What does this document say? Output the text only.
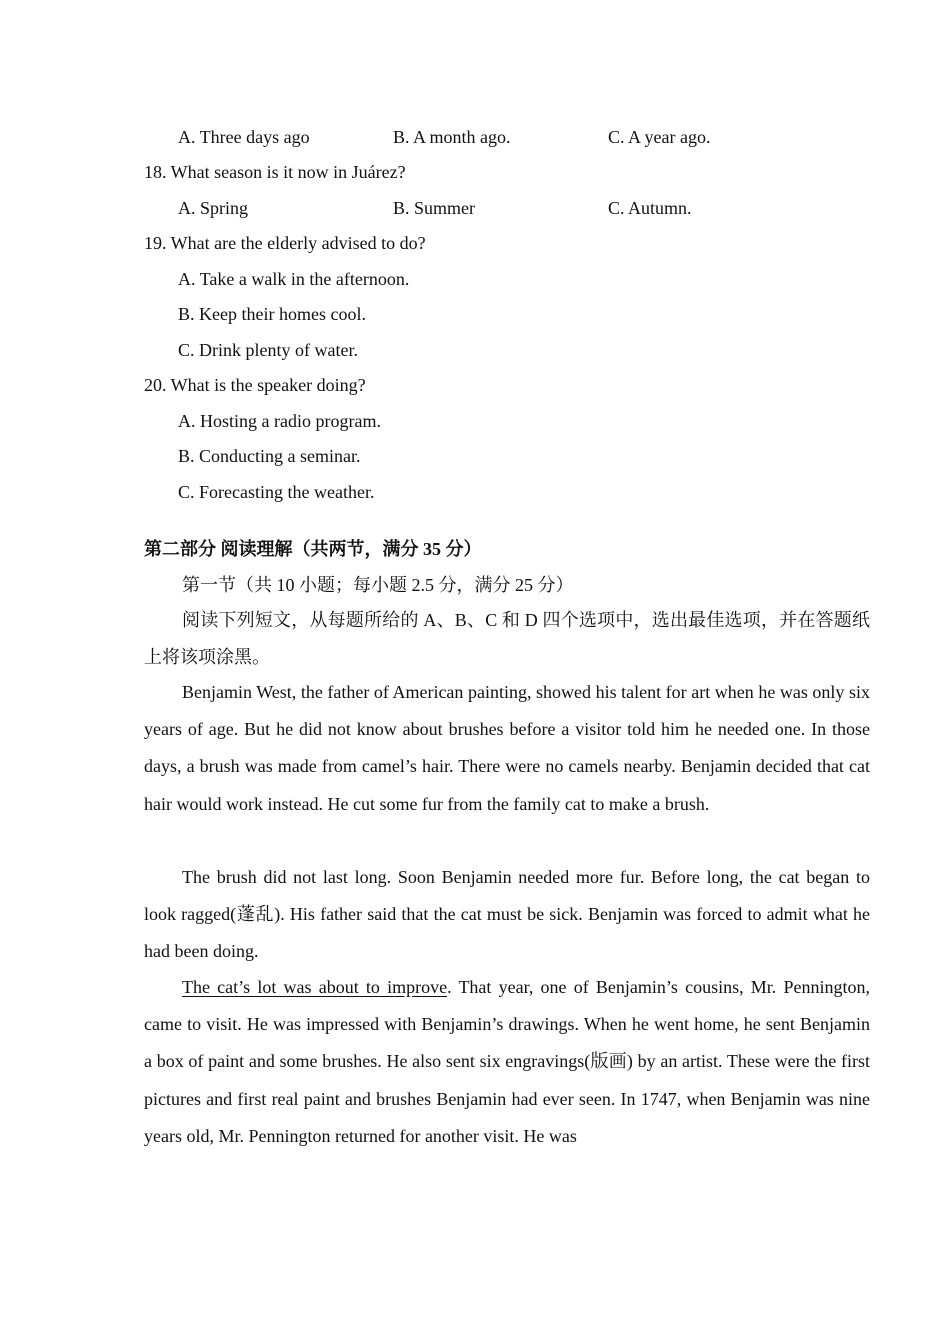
A. Three days ago	B. A month ago.	C. A year ago.
18. What season is it now in Juárez?
A. Spring	B. Summer	C. Autumn.
19. What are the elderly advised to do?
A. Take a walk in the afternoon.
B. Keep their homes cool.
C. Drink plenty of water.
20. What is the speaker doing?
A. Hosting a radio program.
B. Conducting a seminar.
C. Forecasting the weather.
第二部分 阅读理解（共两节，满分 35 分）
第一节（共 10 小题；每小题 2.5 分，满分 25 分）
阅读下列短文，从每题所给的 A、B、C 和 D 四个选项中，选出最佳选项，并在答题纸上将该项涂黑。
Benjamin West, the father of American painting, showed his talent for art when he was only six years of age. But he did not know about brushes before a visitor told him he needed one. In those days, a brush was made from camel’s hair. There were no camels nearby. Benjamin decided that cat hair would work instead. He cut some fur from the family cat to make a brush.
The brush did not last long. Soon Benjamin needed more fur. Before long, the cat began to look ragged(蓬乱). His father said that the cat must be sick. Benjamin was forced to admit what he had been doing.
The cat’s lot was about to improve. That year, one of Benjamin’s cousins, Mr. Pennington, came to visit. He was impressed with Benjamin’s drawings. When he went home, he sent Benjamin a box of paint and some brushes. He also sent six engravings(版画) by an artist. These were the first pictures and first real paint and brushes Benjamin had ever seen. In 1747, when Benjamin was nine years old, Mr. Pennington returned for another visit. He was
